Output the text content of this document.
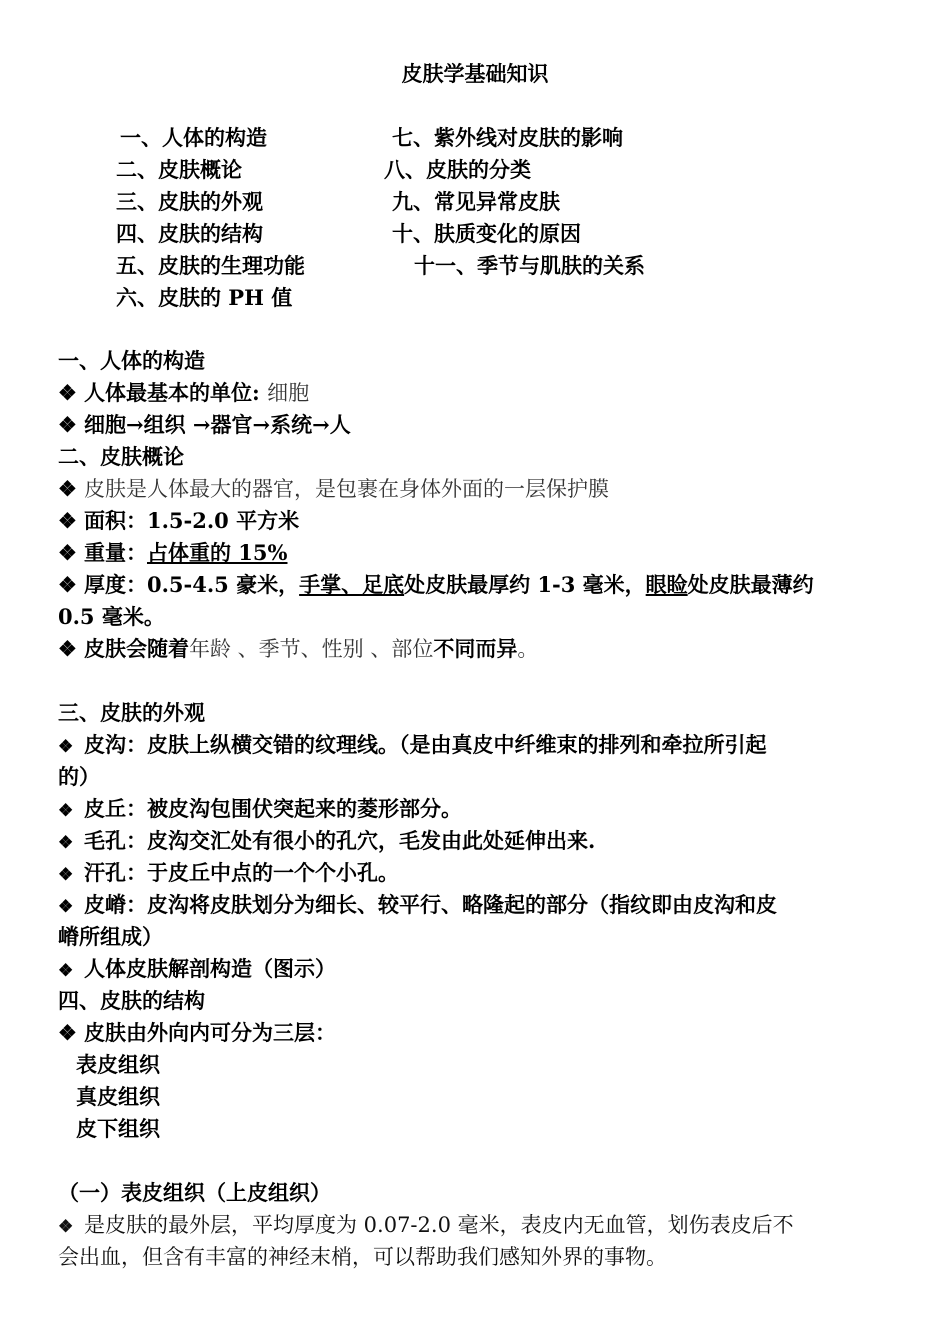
皮肤学基础知识
一、人体的构造
二、皮肤概论
三、皮肤的外观
四、皮肤的结构
五、皮肤的生理功能
六、皮肤的 PH 值
七、紫外线对皮肤的影响
八、皮肤的分类
九、常见异常皮肤
十、肤质变化的原因
十一、季节与肌肤的关系
一、人体的构造
❖ 人体最基本的单位: 细胞
❖ 细胞→组织 →器官→系统→人
二、皮肤概论
❖ 皮肤是人体最大的器官，是包裹在身体外面的一层保护膜
❖ 面积：1.5-2.0 平方米
❖ 重量：占体重的 15%
❖ 厚度：0.5-4.5 豪米，手掌、足底处皮肤最厚约 1-3 毫米，眼睑处皮肤最薄约
0.5 毫米。
❖ 皮肤会随着年龄 、季节、性别 、部位不同而异。
三、皮肤的外观
❖ 皮沟：皮肤上纵横交错的纹理线。（是由真皮中纤维束的排列和牵拉所引起
的）
❖ 皮丘：被皮沟包围伏突起来的菱形部分。
❖ 毛孔：皮沟交汇处有很小的孔穴，毛发由此处延伸出来.
❖ 汗孔：于皮丘中点的一个个小孔。
❖ 皮嵴：皮沟将皮肤划分为细长、较平行、略隆起的部分（指纹即由皮沟和皮
嵴所组成）
❖ 人体皮肤解剖构造（图示）
四、皮肤的结构
❖ 皮肤由外向内可分为三层：
表皮组织
真皮组织
皮下组织
（一）表皮组织（上皮组织）
❖ 是皮肤的最外层，平均厚度为 0.07-2.0 毫米，表皮内无血管，划伤表皮后不
会出血，但含有丰富的神经末梢，可以帮助我们感知外界的事物。
